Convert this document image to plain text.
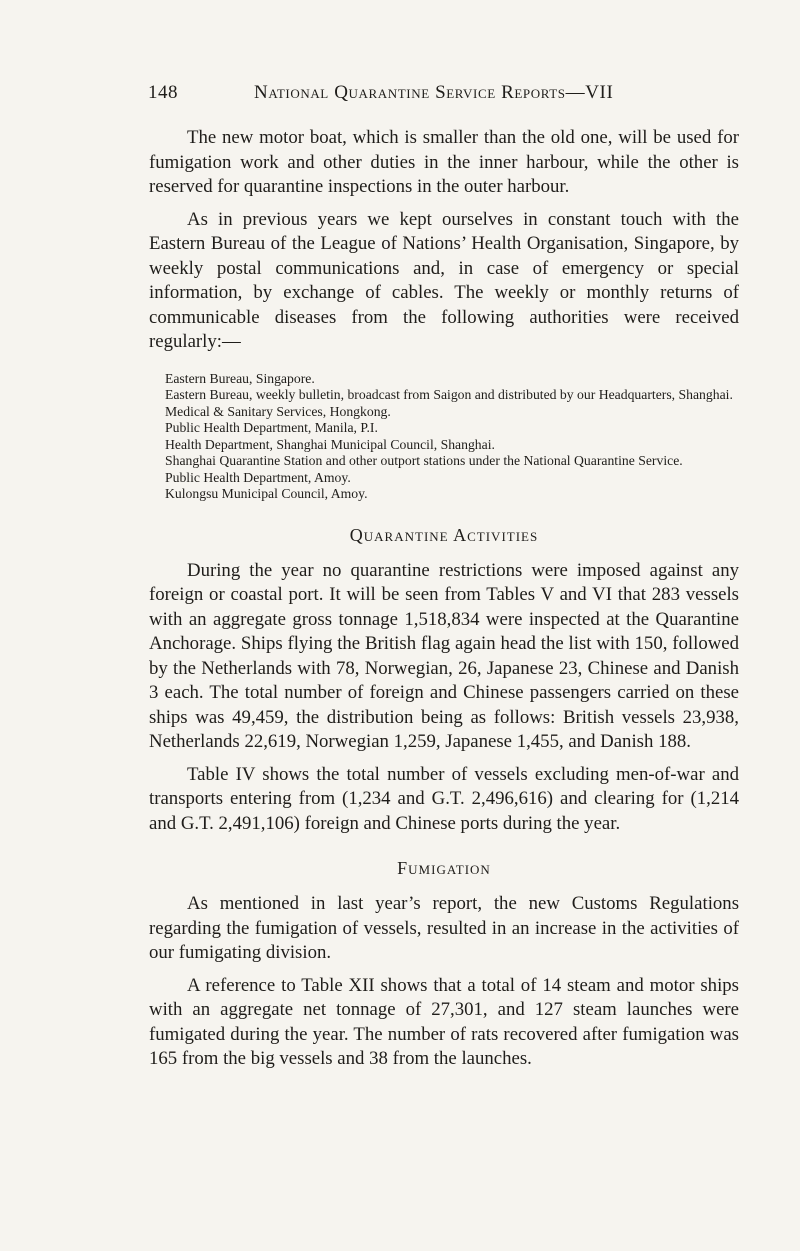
148	National Quarantine Service Reports—VII

The new motor boat, which is smaller than the old one, will be used for fumigation work and other duties in the inner harbour, while the other is reserved for quarantine inspections in the outer harbour.

As in previous years we kept ourselves in constant touch with the Eastern Bureau of the League of Nations’ Health Organisation, Singapore, by weekly postal communications and, in case of emergency or special information, by exchange of cables. The weekly or monthly returns of communicable diseases from the following authorities were received regularly:—

Eastern Bureau, Singapore.
Eastern Bureau, weekly bulletin, broadcast from Saigon and distributed by our Headquarters, Shanghai.
Medical & Sanitary Services, Hongkong.
Public Health Department, Manila, P.I.
Health Department, Shanghai Municipal Council, Shanghai.
Shanghai Quarantine Station and other outport stations under the National Quarantine Service.
Public Health Department, Amoy.
Kulongsu Municipal Council, Amoy.
Quarantine Activities

During the year no quarantine restrictions were imposed against any foreign or coastal port. It will be seen from Tables V and VI that 283 vessels with an aggregate gross tonnage 1,518,834 were inspected at the Quarantine Anchorage. Ships flying the British flag again head the list with 150, followed by the Netherlands with 78, Norwegian, 26, Japanese 23, Chinese and Danish 3 each. The total number of foreign and Chinese passengers carried on these ships was 49,459, the distribution being as follows: British vessels 23,938, Netherlands 22,619, Norwegian 1,259, Japanese 1,455, and Danish 188.

Table IV shows the total number of vessels excluding men-of-war and transports entering from (1,234 and G.T. 2,496,616) and clearing for (1,214 and G.T. 2,491,106) foreign and Chinese ports during the year.

Fumigation

As mentioned in last year’s report, the new Customs Regulations regarding the fumigation of vessels, resulted in an increase in the activities of our fumigating division.

A reference to Table XII shows that a total of 14 steam and motor ships with an aggregate net tonnage of 27,301, and 127 steam launches were fumigated during the year. The number of rats recovered after fumigation was 165 from the big vessels and 38 from the launches.
